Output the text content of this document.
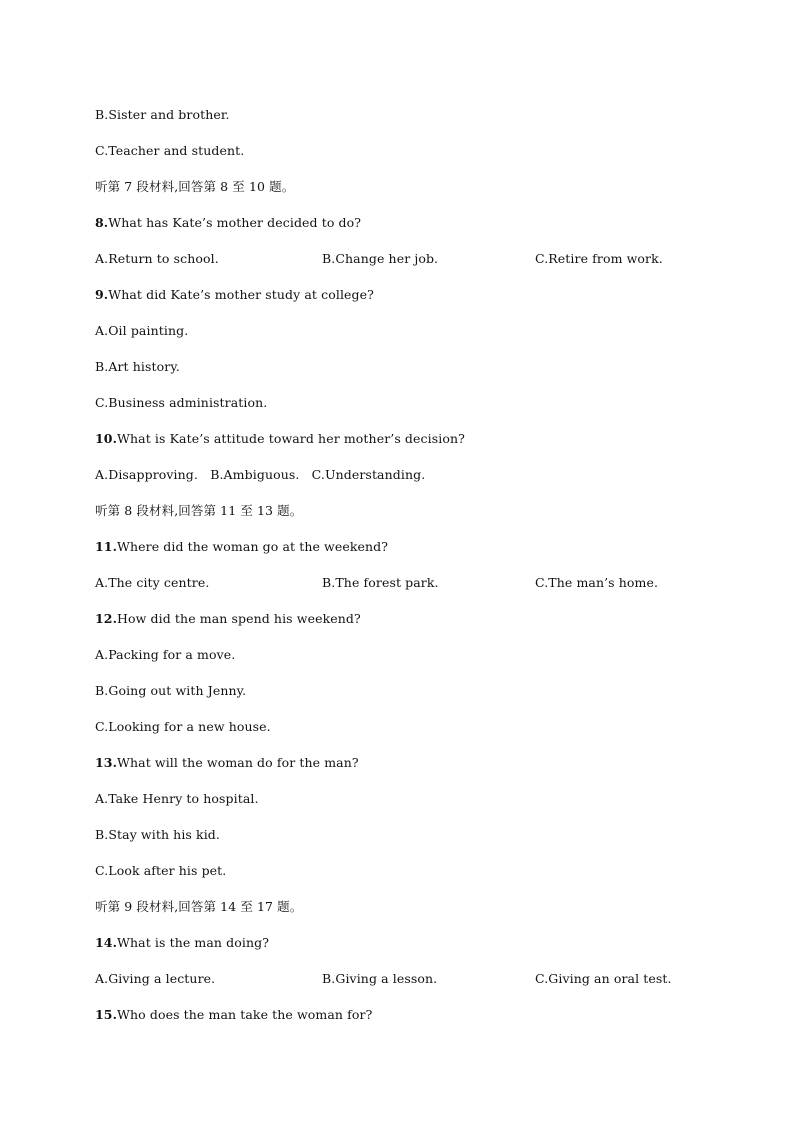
B.Sister and brother.
C.Teacher and student.
听第 7 段材料,回答第 8 至 10 题。
8.What has Kate’s mother decided to do?

A.Return to school.

	B.Change her job.

	C.Retire from work.

9.What did Kate’s mother study at college?
A.Oil painting.
B.Art history.
C.Business administration.
10.What is Kate’s attitude toward her mother’s decision?
A.Disapproving.   B.Ambiguous.   C.Understanding.
听第 8 段材料,回答第 11 至 13 题。
11.Where did the woman go at the weekend?

A.The city centre.

	B.The forest park.

	C.The man’s home.

12.How did the man spend his weekend?
A.Packing for a move.
B.Going out with Jenny.
C.Looking for a new house.
13.What will the woman do for the man?
A.Take Henry to hospital.
B.Stay with his kid.
C.Look after his pet.
听第 9 段材料,回答第 14 至 17 题。
14.What is the man doing?

A.Giving a lecture.

	B.Giving a lesson.

	C.Giving an oral test.

15.Who does the man take the woman for?
